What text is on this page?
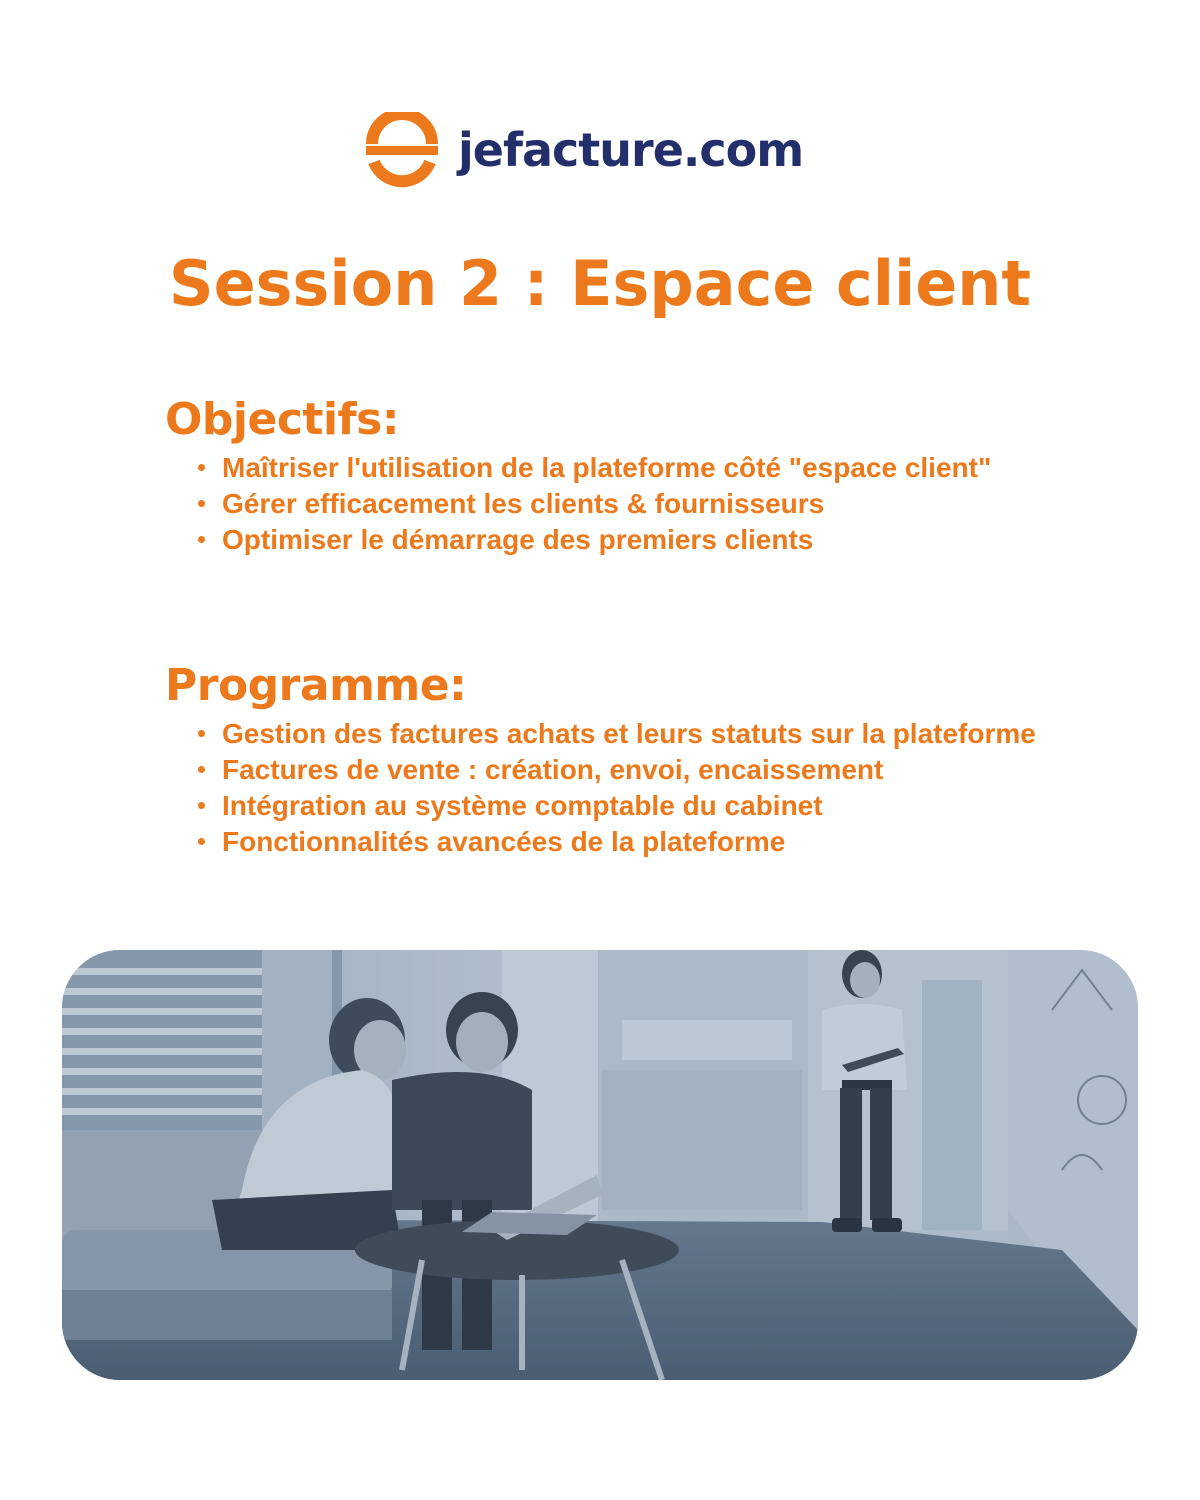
jefacture.com
Session 2 : Espace client
Objectifs:
Maîtriser l'utilisation de la plateforme côté "espace client"
Gérer efficacement les clients & fournisseurs
Optimiser le démarrage des premiers clients
Programme:
Gestion des factures achats et leurs statuts sur la plateforme
Factures de vente : création, envoi, encaissement
Intégration au système comptable du cabinet
Fonctionnalités avancées de la plateforme
